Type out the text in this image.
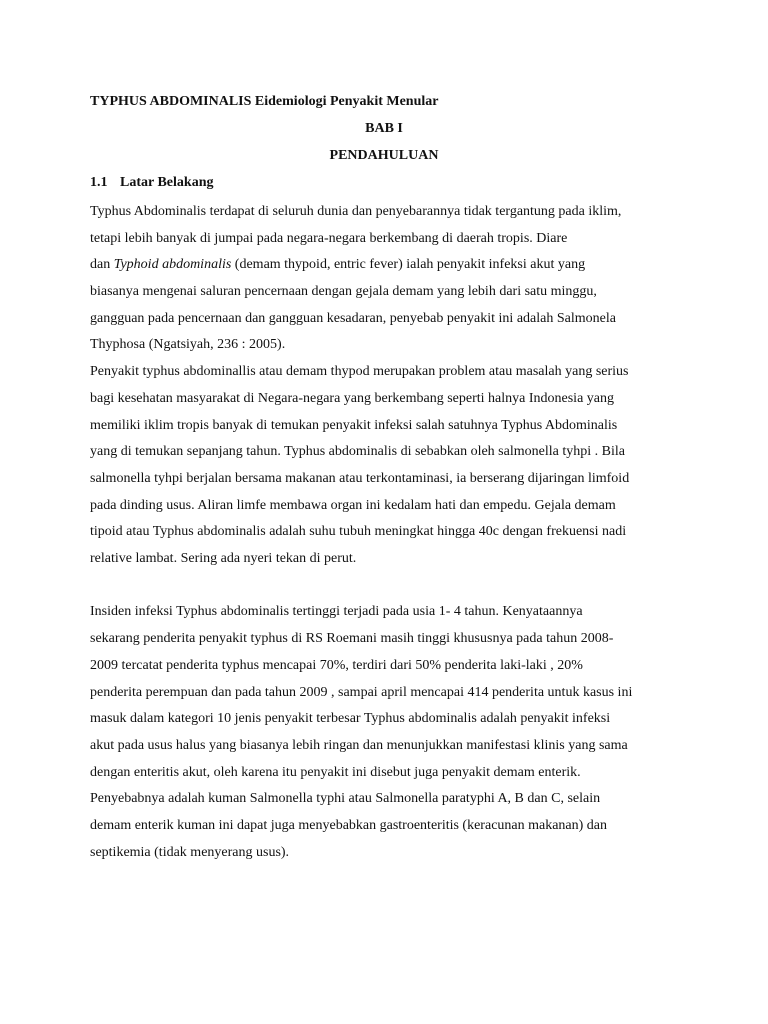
TYPHUS ABDOMINALIS Eidemiologi Penyakit Menular
BAB I
PENDAHULUAN
1.1 Latar Belakang
Typhus Abdominalis terdapat di seluruh dunia dan penyebarannya tidak tergantung pada iklim,
tetapi lebih banyak di jumpai pada negara-negara berkembang di daerah tropis. Diare
dan Typhoid abdominalis (demam thypoid, entric fever) ialah penyakit infeksi akut yang
biasanya mengenai saluran pencernaan dengan gejala demam yang lebih dari satu minggu,
gangguan pada pencernaan dan gangguan kesadaran, penyebab penyakit ini adalah Salmonela
Thyphosa (Ngatsiyah, 236 : 2005).
Penyakit typhus abdominallis atau demam thypod merupakan problem atau masalah yang serius
bagi kesehatan masyarakat di Negara-negara yang berkembang seperti halnya Indonesia yang
memiliki iklim tropis banyak di temukan penyakit infeksi salah satuhnya Typhus Abdominalis
yang di temukan sepanjang tahun. Typhus abdominalis di sebabkan oleh salmonella tyhpi . Bila
salmonella tyhpi berjalan bersama makanan atau terkontaminasi, ia berserang dijaringan limfoid
pada dinding usus. Aliran limfe membawa organ ini kedalam hati dan empedu. Gejala demam
tipoid atau Typhus abdominalis adalah suhu tubuh meningkat hingga 40c dengan frekuensi nadi
relative lambat. Sering ada nyeri tekan di perut.
Insiden infeksi Typhus abdominalis tertinggi terjadi pada usia 1- 4 tahun. Kenyataannya
sekarang penderita penyakit typhus di RS Roemani masih tinggi khususnya pada tahun 2008-
2009 tercatat penderita typhus mencapai 70%, terdiri dari 50% penderita laki-laki , 20%
penderita perempuan dan pada tahun 2009 , sampai april mencapai 414 penderita untuk kasus ini
masuk dalam kategori 10 jenis penyakit terbesar Typhus abdominalis adalah penyakit infeksi
akut pada usus halus yang biasanya lebih ringan dan menunjukkan manifestasi klinis yang sama
dengan enteritis akut, oleh karena itu penyakit ini disebut juga penyakit demam enterik.
Penyebabnya adalah kuman Salmonella typhi atau Salmonella paratyphi A, B dan C, selain
demam enterik kuman ini dapat juga menyebabkan gastroenteritis (keracunan makanan) dan
septikemia (tidak menyerang usus).
